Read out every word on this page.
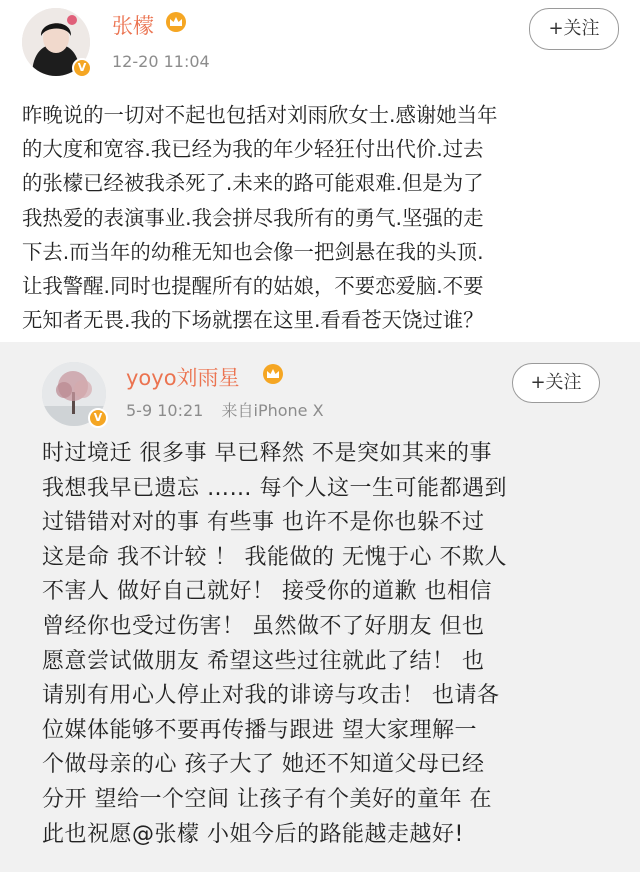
V
张檬
12-20 11:04
+关注
昨晚说的一切对不起也包括对刘雨欣女士.感谢她当年
的大度和宽容.我已经为我的年少轻狂付出代价.过去
的张檬已经被我杀死了.未来的路可能艰难.但是为了
我热爱的表演事业.我会拼尽我所有的勇气.坚强的走
下去.而当年的幼稚无知也会像一把剑悬在我的头顶.
让我警醒.同时也提醒所有的姑娘，不要恋爱脑.不要
无知者无畏.我的下场就摆在这里.看看苍天饶过谁？
V
yoyo刘雨星
5-9 10:21 来自iPhone X
+关注
时过境迁 很多事 早已释然 不是突如其来的事
我想我早已遗忘 …… 每个人这一生可能都遇到
过错错对对的事 有些事 也许不是你也躲不过
这是命 我不计较 ！ 我能做的 无愧于心 不欺人
不害人 做好自己就好！ 接受你的道歉 也相信
曾经你也受过伤害！ 虽然做不了好朋友 但也
愿意尝试做朋友 希望这些过往就此了结！ 也
请别有用心人停止对我的诽谤与攻击！ 也请各
位媒体能够不要再传播与跟进 望大家理解一
个做母亲的心 孩子大了 她还不知道父母已经
分开 望给一个空间 让孩子有个美好的童年 在
此也祝愿@张檬 小姐今后的路能越走越好!
